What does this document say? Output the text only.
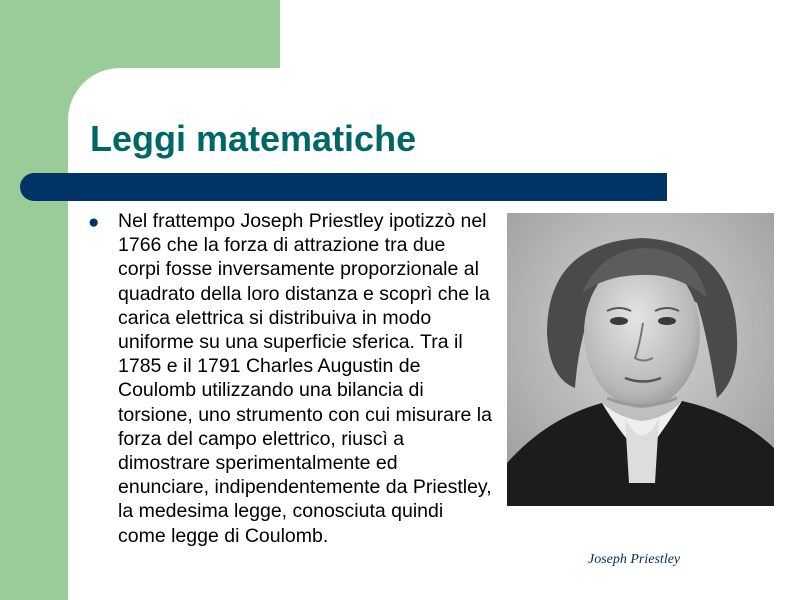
Leggi matematiche
● Nel frattempo Joseph Priestley ipotizzò nel 1766 che la forza di attrazione tra due corpi fosse inversamente proporzionale al quadrato della loro distanza e scoprì che la carica elettrica si distribuiva in modo uniforme su una superficie sferica. Tra il 1785 e il 1791 Charles Augustin de Coulomb utilizzando una bilancia di torsione, uno strumento con cui misurare la forza del campo elettrico, riuscì a dimostrare sperimentalmente ed enunciare, indipendentemente da Priestley, la medesima legge, conosciuta quindi come legge di Coulomb.

Joseph Priestley
